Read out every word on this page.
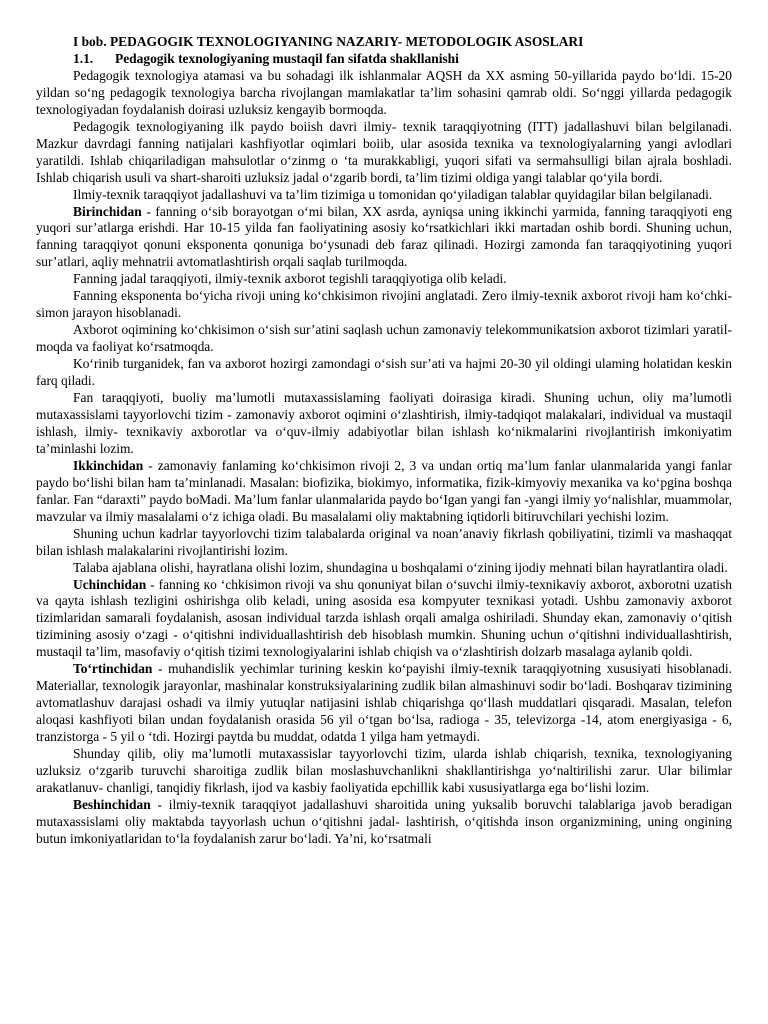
I bob. PEDAGOGIK TEXNOLOGIYANING NAZARIY- METODOLOGIK ASOSLARI

1.1. Pedagogik texnologiyaning mustaqil fan sifatda shakllanishi

Pedagogik texnologiya atamasi va bu sohadagi ilk ishlanmalar AQSH da XX asming 50-yillarida paydo bo‘ldi. 15-20 yildan so‘ng pedagogik texnologiya barcha rivojlangan mamlakatlar ta’lim sohasini qamrab oldi. So‘nggi yillarda pedagogik texnologiyadan foydalanish doirasi uzluksiz kengayib bormoqda.

Pedagogik texnologiyaning ilk paydo boiish davri ilmiy- texnik taraqqiyotning (ITT) jadallashuvi bilan belgilanadi. Mazkur davrdagi fanning natijalari kashfiyotlar oqimlari boiib, ular asosida texnika va texnologiyalarning yangi avlodlari yaratildi. Ishlab chiqariladigan mahsulotlar o‘zinmg o ‘ta murakkabligi, yuqori sifati va sermahsulligi bilan ajrala boshladi. Ishlab chiqarish usuli va shart-sharoiti uzluksiz jadal o‘zgarib bordi, ta’lim tizimi oldiga yangi talablar qo‘yila bordi.

Ilmiy-texnik taraqqiyot jadallashuvi va ta’lim tizimiga u tomonidan qo‘yiladigan talablar quyidagilar bilan belgilanadi.

Birinchidan - fanning o‘sib borayotgan o‘mi bilan, XX asrda, ayniqsa uning ikkinchi yarmida, fanning taraqqiyoti eng yuqori sur’atlarga erishdi. Har 10-15 yilda fan faoliyatining asosiy ko‘rsatkichlari ikki martadan oshib bordi. Shuning uchun, fanning taraqqiyot qonuni eksponenta qonuniga bo‘ysunadi deb faraz qilinadi. Hozirgi zamonda fan taraqqiyotining yuqori sur’atlari, aqliy mehnatrii avtomatlashtirish orqali saqlab turilmoqda.

Fanning jadal taraqqiyoti, ilmiy-texnik axborot tegishli taraqqiyotiga olib keladi.

Fanning eksponenta bo‘yicha rivoji uning ko‘chkisimon rivojini anglatadi. Zero ilmiy-texnik axborot rivoji ham ko‘chki- simon jarayon hisoblanadi.

Axborot oqimining ko‘chkisimon o‘sish sur’atini saqlash uchun zamonaviy telekommunikatsion axborot tizimlari yaratil- moqda va faoliyat ko‘rsatmoqda.

Ko‘rinib turganidek, fan va axborot hozirgi zamondagi o‘sish sur’ati va hajmi 20-30 yil oldingi ulaming holatidan keskin farq qiladi.

Fan taraqqiyoti, buoliy ma’lumotli mutaxassislaming faoliyati doirasiga kiradi. Shuning uchun, oliy ma’lumotli mutaxassislami tayyorlovchi tizim - zamonaviy axborot oqimini o‘zlashtirish, ilmiy-tadqiqot malakalari, individual va mustaqil ishlash, ilmiy- texnikaviy axborotlar va o‘quv-ilmiy adabiyotlar bilan ishlash ko‘nikmalarini rivojlantirish imkoniyatim ta’minlashi lozim.

Ikkinchidan - zamonaviy fanlaming ko‘chkisimon rivoji 2, 3 va undan ortiq ma’lum fanlar ulanmalarida yangi fanlar paydo bo‘lishi bilan ham ta’minlanadi. Masalan: biofizika, biokimyo, informatika, fizik-kimyoviy mexanika va ko‘pgina boshqa fanlar. Fan “daraxti” paydo boMadi. Ma’lum fanlar ulanmalarida paydo bo‘Igan yangi fan -yangi ilmiy yo‘nalishlar, muammolar, mavzular va ilmiy masalalami o‘z ichiga oladi. Bu masalalami oliy maktabning iqtidorli bitiruvchilari yechishi lozim.

Shuning uchun kadrlar tayyorlovchi tizim talabalarda original va noan’anaviy fikrlash qobiliyatini, tizimli va mashaqqat bilan ishlash malakalarini rivojlantirishi lozim.

Talaba ajablana olishi, hayratlana olishi lozim, shundagina u boshqalami o‘zining ijodiy mehnati bilan hayratlantira oladi.

Uchinchidan - fanning кo ‘chkisimon rivoji va shu qonuniyat bilan o‘suvchi ilmiy-texnikaviy axborot, axborotni uzatish va qayta ishlash tezligini oshirishga olib keladi, uning asosida esa kompyuter texnikasi yotadi. Ushbu zamonaviy axborot tizimlaridan samarali foydalanish, asosan individual tarzda ishlash orqali amalga oshiriladi. Shunday ekan, zamonaviy o‘qitish tizimining asosiy o‘zagi - o‘qitishni individuallashtirish deb hisoblash mumkin. Shuning uchun o‘qitishni individuallashtirish, mustaqil ta’lim, masofaviy o‘qitish tizimi texnologiyalarini ishlab chiqish va o‘zlashtirish dolzarb masalaga aylanib qoldi.

To‘rtinchidan - muhandislik yechimlar turining keskin ko‘payishi ilmiy-texnik taraqqiyotning xususiyati hisoblanadi. Materiallar, texnologik jarayonlar, mashinalar konstruksiyalarining zudlik bilan almashinuvi sodir bo‘ladi. Boshqarav tizimining avtomatlashuv darajasi oshadi va ilmiy yutuqlar natijasini ishlab chiqarishga qo‘llash muddatlari qisqaradi. Masalan, telefon aloqasi kashfiyoti bilan undan foydalanish orasida 56 yil o‘tgan bo‘lsa, radioga - 35, televizorga -14, atom energiyasiga - 6, tranzistorga - 5 yil o ‘tdi. Hozirgi paytda bu muddat, odatda 1 yilga ham yetmaydi.

Shunday qilib, oliy ma’lumotli mutaxassislar tayyorlovchi tizim, ularda ishlab chiqarish, texnika, texnologiyaning uzluksiz o‘zgarib turuvchi sharoitiga zudlik bilan moslashuvchanlikni shakllantirishga yo‘naltirilishi zarur. Ular bilimlar arakatlanuv- chanligi, tanqidiy fikrlash, ijod va kasbiy faoliyatida epchillik kabi xususiyatlarga ega bo‘lishi lozim.

Beshinchidan - ilmiy-texnik taraqqiyot jadallashuvi sharoitida uning yuksalib boruvchi talablariga javob beradigan mutaxassislami oliy maktabda tayyorlash uchun o‘qitishni jadal- lashtirish, o‘qitishda inson organizmining, uning ongining butun imkoniyatlaridan to‘la foydalanish zarur bo‘ladi. Ya’ni, ko‘rsatmali
